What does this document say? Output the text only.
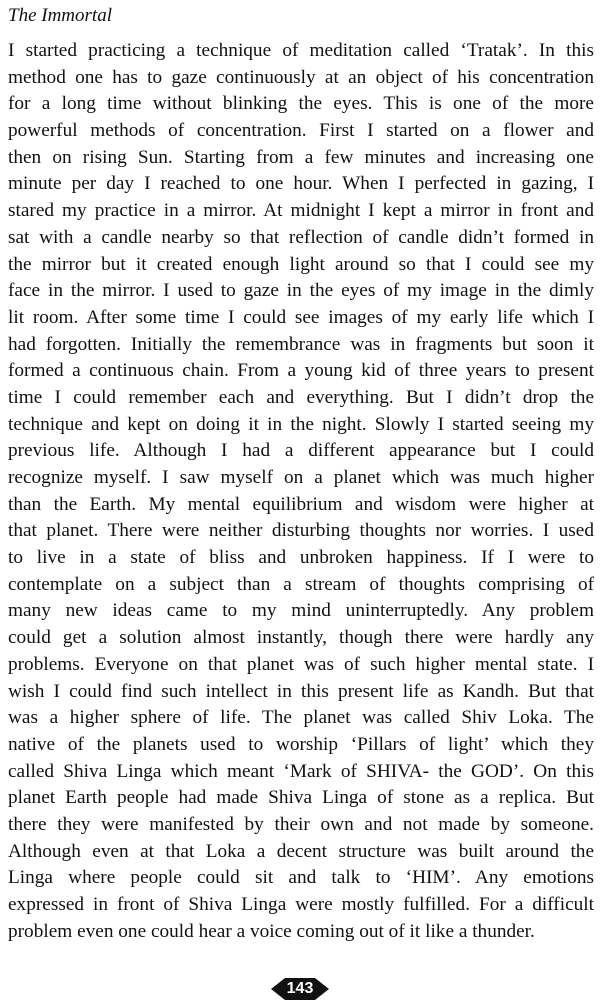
The Immortal
I started practicing a technique of meditation called ‘Tratak’. In this
method one has to gaze continuously at an object of his concentration
for a long time without blinking the eyes. This is one of the more
powerful methods of concentration. First I started on a flower and
then on rising Sun. Starting from a few minutes and increasing one
minute per day I reached to one hour. When I perfected in gazing, I
stared my practice in a mirror. At midnight I kept a mirror in front and
sat with a candle nearby so that reflection of candle didn’t formed in
the mirror but it created enough light around so that I could see my
face in the mirror. I used to gaze in the eyes of my image in the dimly
lit room. After some time I could see images of my early life which I
had forgotten. Initially the remembrance was in fragments but soon it
formed a continuous chain. From a young kid of three years to present
time I could remember each and everything. But I didn’t drop the
technique and kept on doing it in the night. Slowly I started seeing my
previous life. Although I had a different appearance but I could
recognize myself. I saw myself on a planet which was much higher
than the Earth. My mental equilibrium and wisdom were higher at
that planet. There were neither disturbing thoughts nor worries. I used
to live in a state of bliss and unbroken happiness. If I were to
contemplate on a subject than a stream of thoughts comprising of
many new ideas came to my mind uninterruptedly. Any problem
could get a solution almost instantly, though there were hardly any
problems. Everyone on that planet was of such higher mental state. I
wish I could find such intellect in this present life as Kandh. But that
was a higher sphere of life. The planet was called Shiv Loka. The
native of the planets used to worship ‘Pillars of light’ which they
called Shiva Linga which meant ‘Mark of SHIVA- the GOD’. On this
planet Earth people had made Shiva Linga of stone as a replica. But
there they were manifested by their own and not made by someone.
Although even at that Loka a decent structure was built around the
Linga where people could sit and talk to ‘HIM’. Any emotions
expressed in front of Shiva Linga were mostly fulfilled. For a difficult
problem even one could hear a voice coming out of it like a thunder.
143
